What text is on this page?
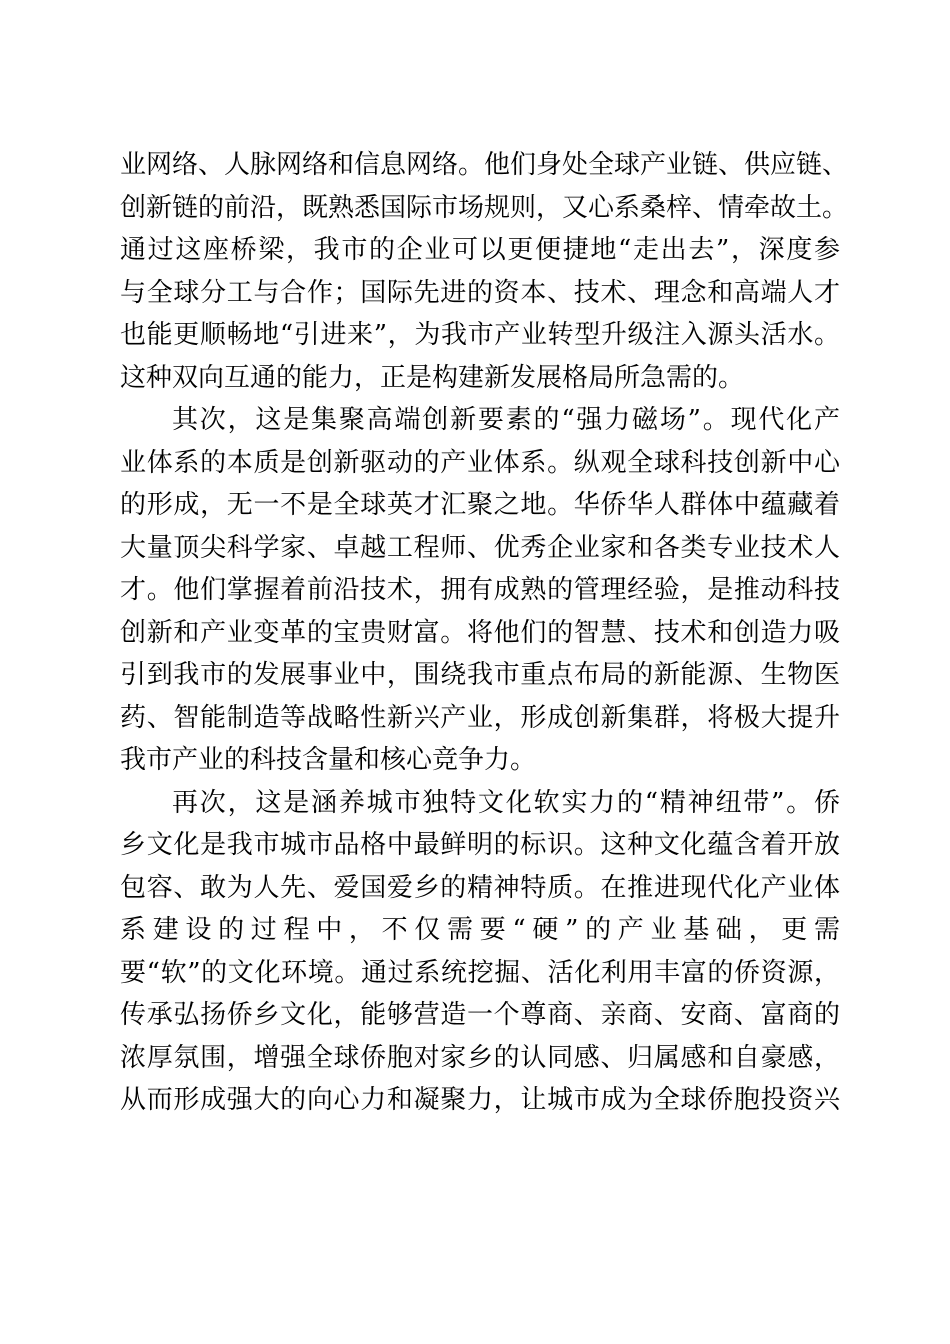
业网络、人脉网络和信息网络。他们身处全球产业链、供应链、
创新链的前沿，既熟悉国际市场规则，又心系桑梓、情牵故土。
通过这座桥梁，我市的企业可以更便捷地“走出去”，深度参
与全球分工与合作；国际先进的资本、技术、理念和高端人才
也能更顺畅地“引进来”，为我市产业转型升级注入源头活水。
这种双向互通的能力，正是构建新发展格局所急需的。
其次，这是集聚高端创新要素的“强力磁场”。现代化产
业体系的本质是创新驱动的产业体系。纵观全球科技创新中心
的形成，无一不是全球英才汇聚之地。华侨华人群体中蕴藏着
大量顶尖科学家、卓越工程师、优秀企业家和各类专业技术人
才。他们掌握着前沿技术，拥有成熟的管理经验，是推动科技
创新和产业变革的宝贵财富。将他们的智慧、技术和创造力吸
引到我市的发展事业中，围绕我市重点布局的新能源、生物医
药、智能制造等战略性新兴产业，形成创新集群，将极大提升
我市产业的科技含量和核心竞争力。
再次，这是涵养城市独特文化软实力的“精神纽带”。侨
乡文化是我市城市品格中最鲜明的标识。这种文化蕴含着开放
包容、敢为人先、爱国爱乡的精神特质。在推进现代化产业体
系建设的过程中，不仅需要“硬”的产业基础，更需
要“软”的文化环境。通过系统挖掘、活化利用丰富的侨资源，
传承弘扬侨乡文化，能够营造一个尊商、亲商、安商、富商的
浓厚氛围，增强全球侨胞对家乡的认同感、归属感和自豪感，
从而形成强大的向心力和凝聚力，让城市成为全球侨胞投资兴
